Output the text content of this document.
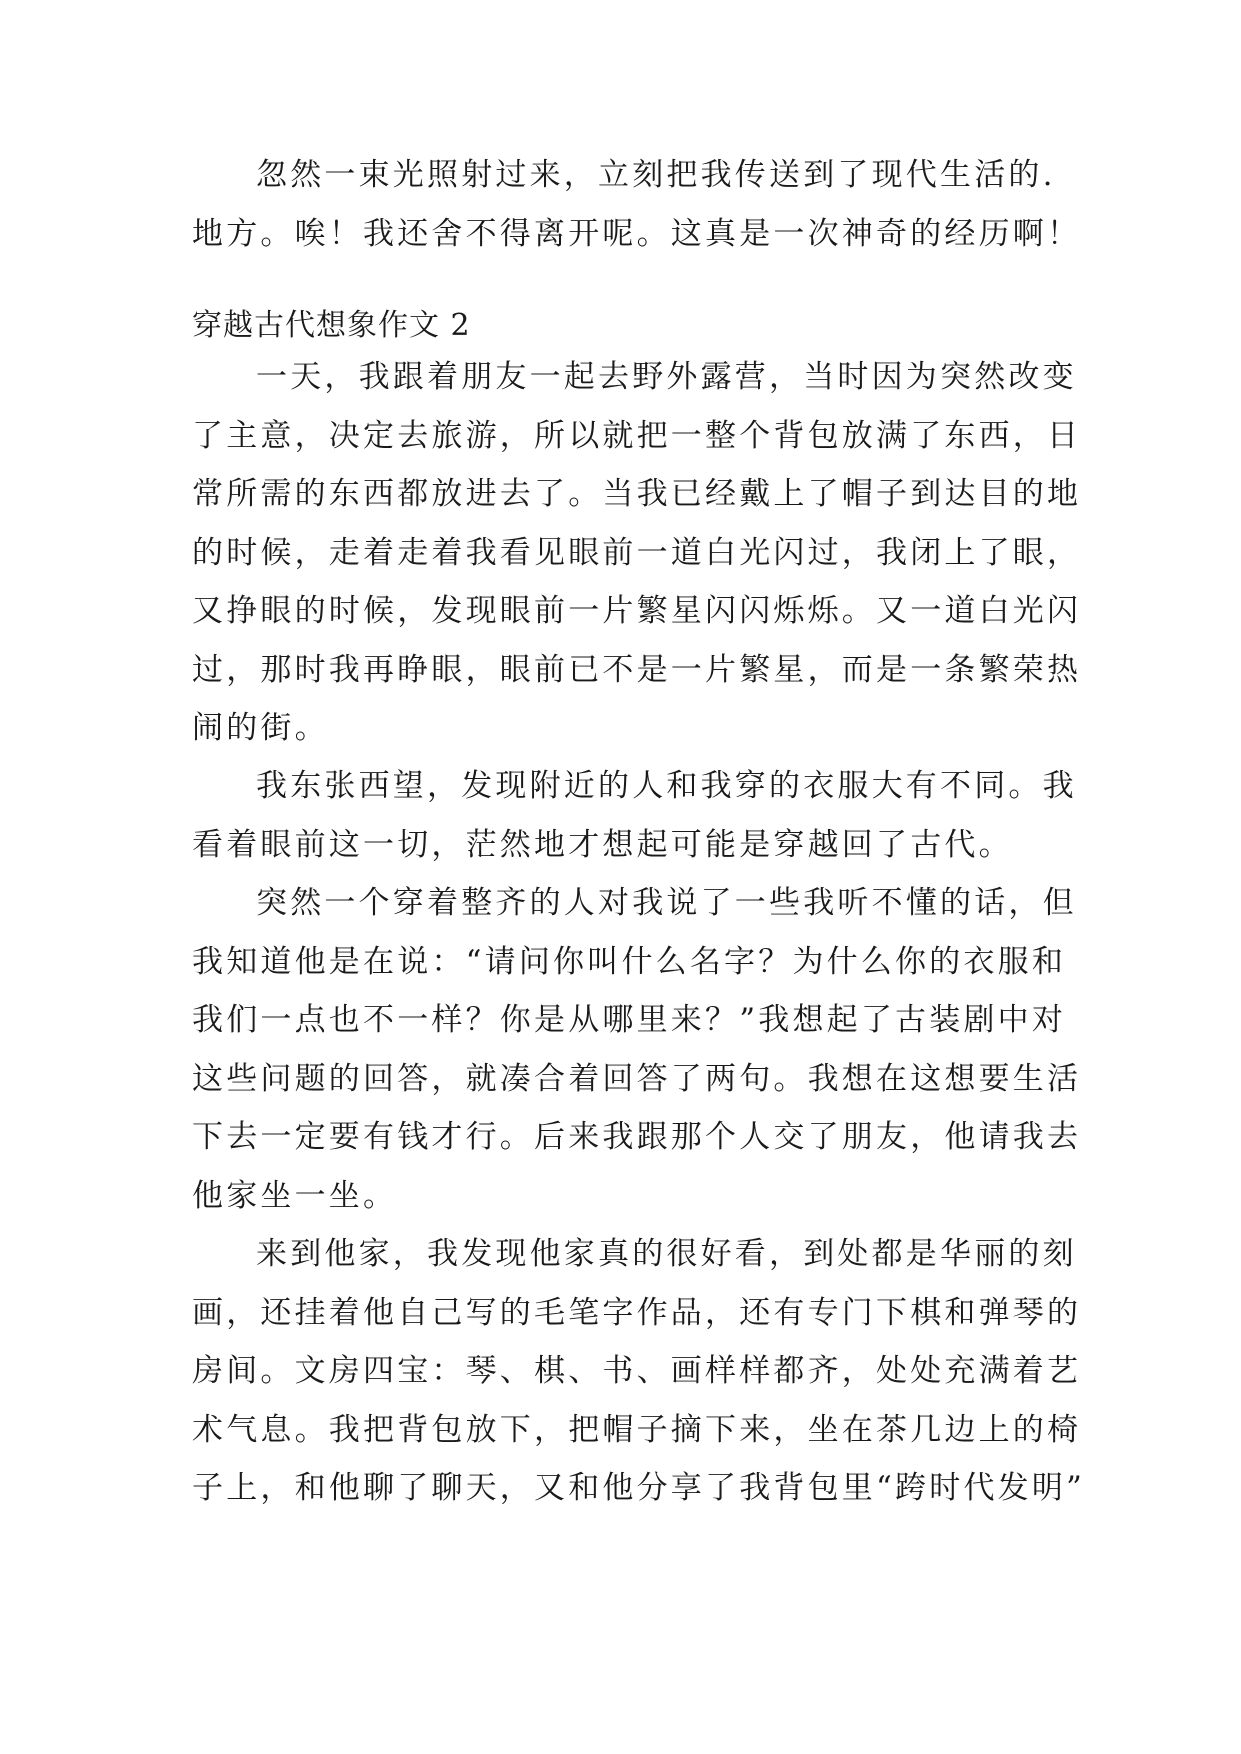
忽然一束光照射过来，立刻把我传送到了现代生活的.
地方。唉！我还舍不得离开呢。这真是一次神奇的经历啊！

穿越古代想象作文 2

一天，我跟着朋友一起去野外露营，当时因为突然改变
了主意，决定去旅游，所以就把一整个背包放满了东西，日
常所需的东西都放进去了。当我已经戴上了帽子到达目的地
的时候，走着走着我看见眼前一道白光闪过，我闭上了眼，
又挣眼的时候，发现眼前一片繁星闪闪烁烁。又一道白光闪
过，那时我再睁眼，眼前已不是一片繁星，而是一条繁荣热
闹的街。

我东张西望，发现附近的人和我穿的衣服大有不同。我
看着眼前这一切，茫然地才想起可能是穿越回了古代。

突然一个穿着整齐的人对我说了一些我听不懂的话，但
我知道他是在说：“请问你叫什么名字？为什么你的衣服和
我们一点也不一样？你是从哪里来？”我想起了古装剧中对
这些问题的回答，就凑合着回答了两句。我想在这想要生活
下去一定要有钱才行。后来我跟那个人交了朋友，他请我去
他家坐一坐。

来到他家，我发现他家真的很好看，到处都是华丽的刻
画，还挂着他自己写的毛笔字作品，还有专门下棋和弹琴的
房间。文房四宝：琴、棋、书、画样样都齐，处处充满着艺
术气息。我把背包放下，把帽子摘下来，坐在茶几边上的椅
子上，和他聊了聊天，又和他分享了我背包里“跨时代发明”
